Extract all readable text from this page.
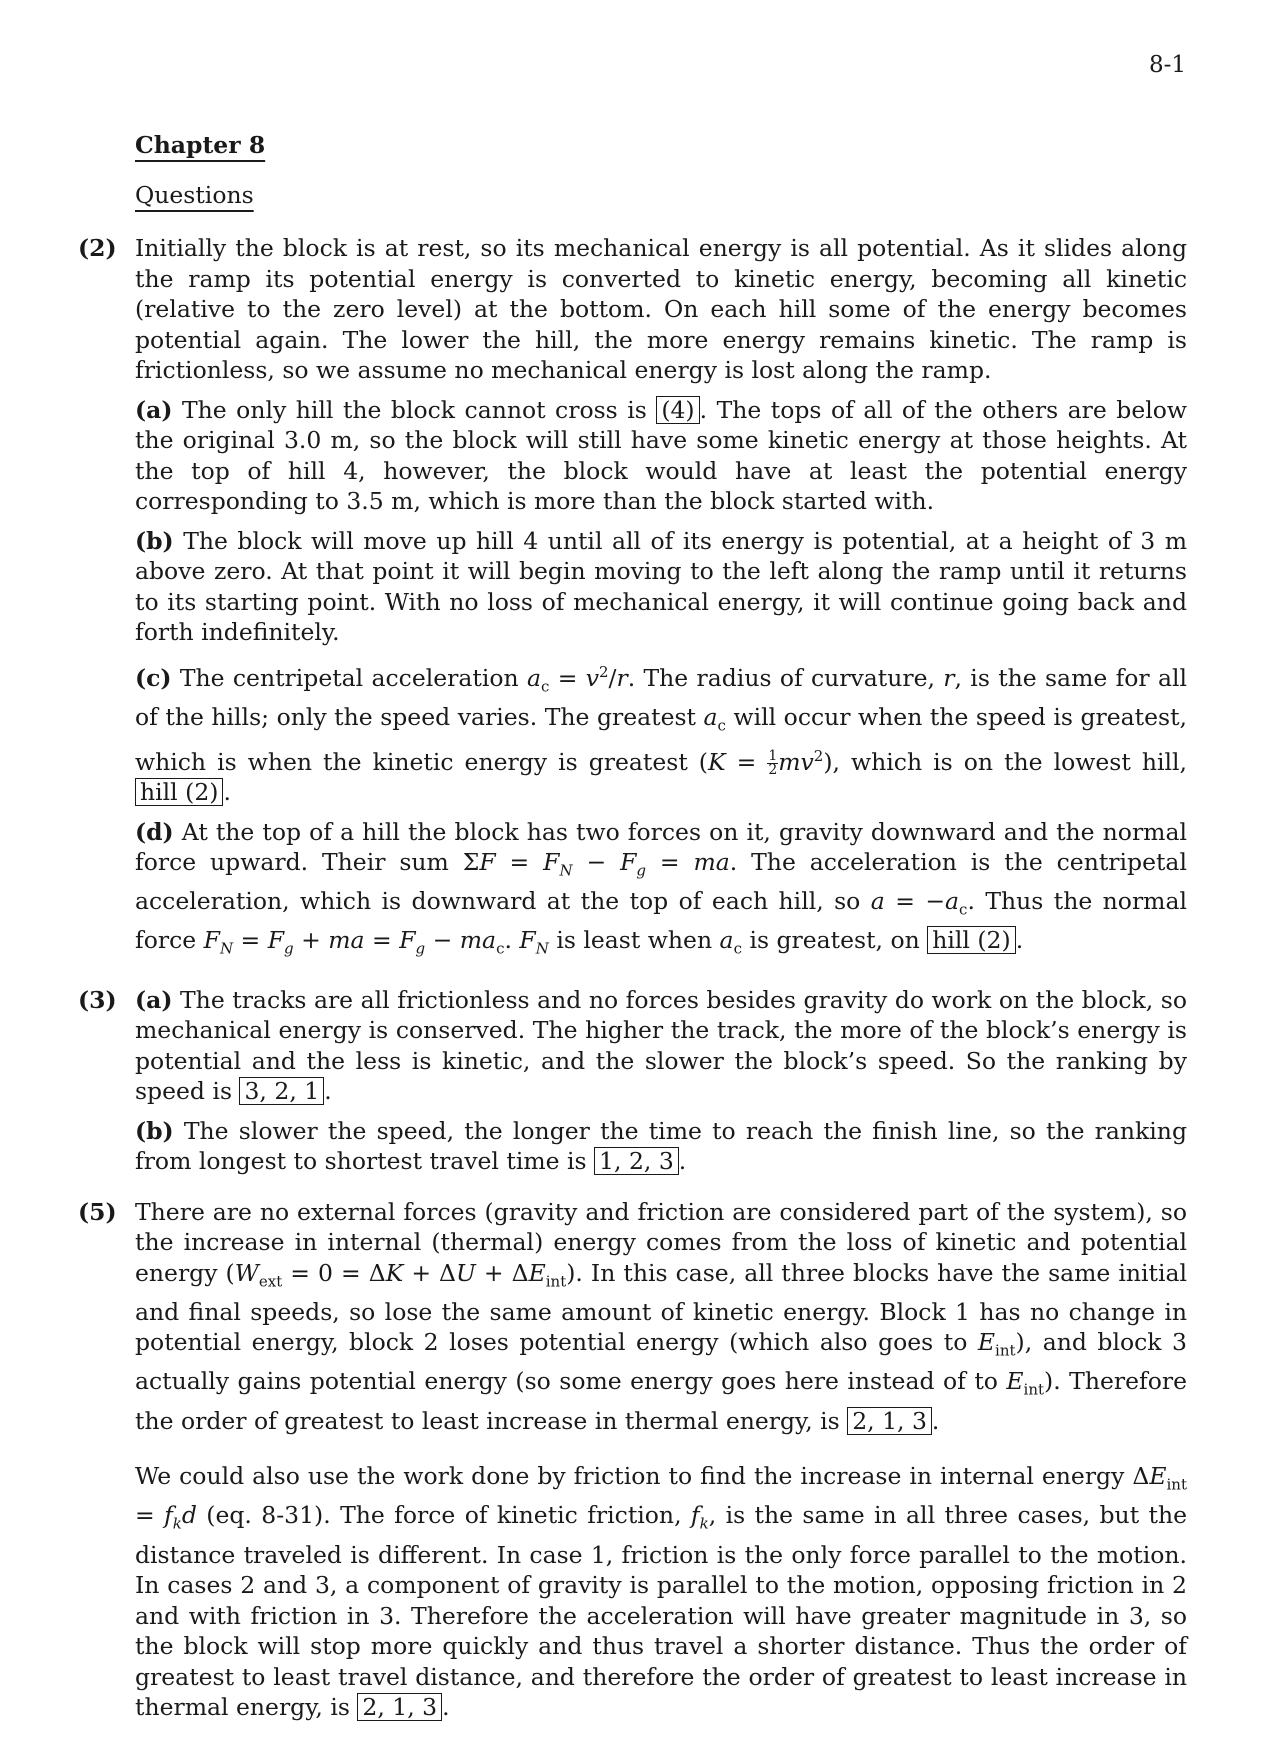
8-1
Chapter 8
Questions
(2) Initially the block is at rest, so its mechanical energy is all potential. As it slides along the ramp its potential energy is converted to kinetic energy, becoming all kinetic (relative to the zero level) at the bottom. On each hill some of the energy becomes potential again. The lower the hill, the more energy remains kinetic. The ramp is frictionless, so we assume no mechanical energy is lost along the ramp.

(a) The only hill the block cannot cross is (4) . The tops of all of the others are below the original 3.0 m, so the block will still have some kinetic energy at those heights. At the top of hill 4, however, the block would have at least the potential energy corresponding to 3.5 m, which is more than the block started with.

(b) The block will move up hill 4 until all of its energy is potential, at a height of 3 m above zero. At that point it will begin moving to the left along the ramp until it returns to its starting point. With no loss of mechanical energy, it will continue going back and forth indefinitely.

(c) The centripetal acceleration $a_c = v^2/r$. The radius of curvature, r, is the same for all of the hills; only the speed varies. The greatest $a_c$ will occur when the speed is greatest, which is when the kinetic energy is greatest $(K = \frac{1}{2} mv^2)$, which is on the lowest hill, hill (2) .

(d) At the top of a hill the block has two forces on it, gravity downward and the normal force upward. Their sum $\Sigma F = F_N - F_g$ = ma. The acceleration is the centripetal acceleration, which is downward at the top of each hill, so $a = -a_c$. Thus the normal force $F_N = F_g$ + ma = $F_g - ma_c$. $F_N$ is least when $a_c$ is greatest, on hill (2) .

(3) (a) The tracks are all frictionless and no forces besides gravity do work on the block, so mechanical energy is conserved. The higher the track, the more of the block’s energy is potential and the less is kinetic, and the slower the block’s speed. So the ranking by speed is 3, 2, 1 .

(b) The slower the speed, the longer the time to reach the finish line, so the ranking from longest to shortest travel time is 1, 2, 3 .

(5) There are no external forces (gravity and friction are considered part of the system), so the increase in internal (thermal) energy comes from the loss of kinetic and potential energy $(W_{ext} = 0 = \Delta K + \Delta U + \Delta E_{int})$. In this case, all three blocks have the same initial and final speeds, so lose the same amount of kinetic energy. Block 1 has no change in potential energy, block 2 loses potential energy (which also goes to $E_{int}$), and block 3 actually gains potential energy (so some energy goes here instead of to $E_{int}$). Therefore the order of greatest to least increase in thermal energy, is 2, 1, 3 .

We could also use the work done by friction to find the increase in internal energy $\Delta E_{int} = f_kd$ (eq. 8-31). The force of kinetic friction, $f_k$, is the same in all three cases, but the distance traveled is different. In case 1, friction is the only force parallel to the motion. In cases 2 and 3, a component of gravity is parallel to the motion, opposing friction in 2 and with friction in 3. Therefore the acceleration will have greater magnitude in 3, so the block will stop more quickly and thus travel a shorter distance. Thus the order of greatest to least travel distance, and therefore the order of greatest to least increase in thermal energy, is 2, 1, 3 .
